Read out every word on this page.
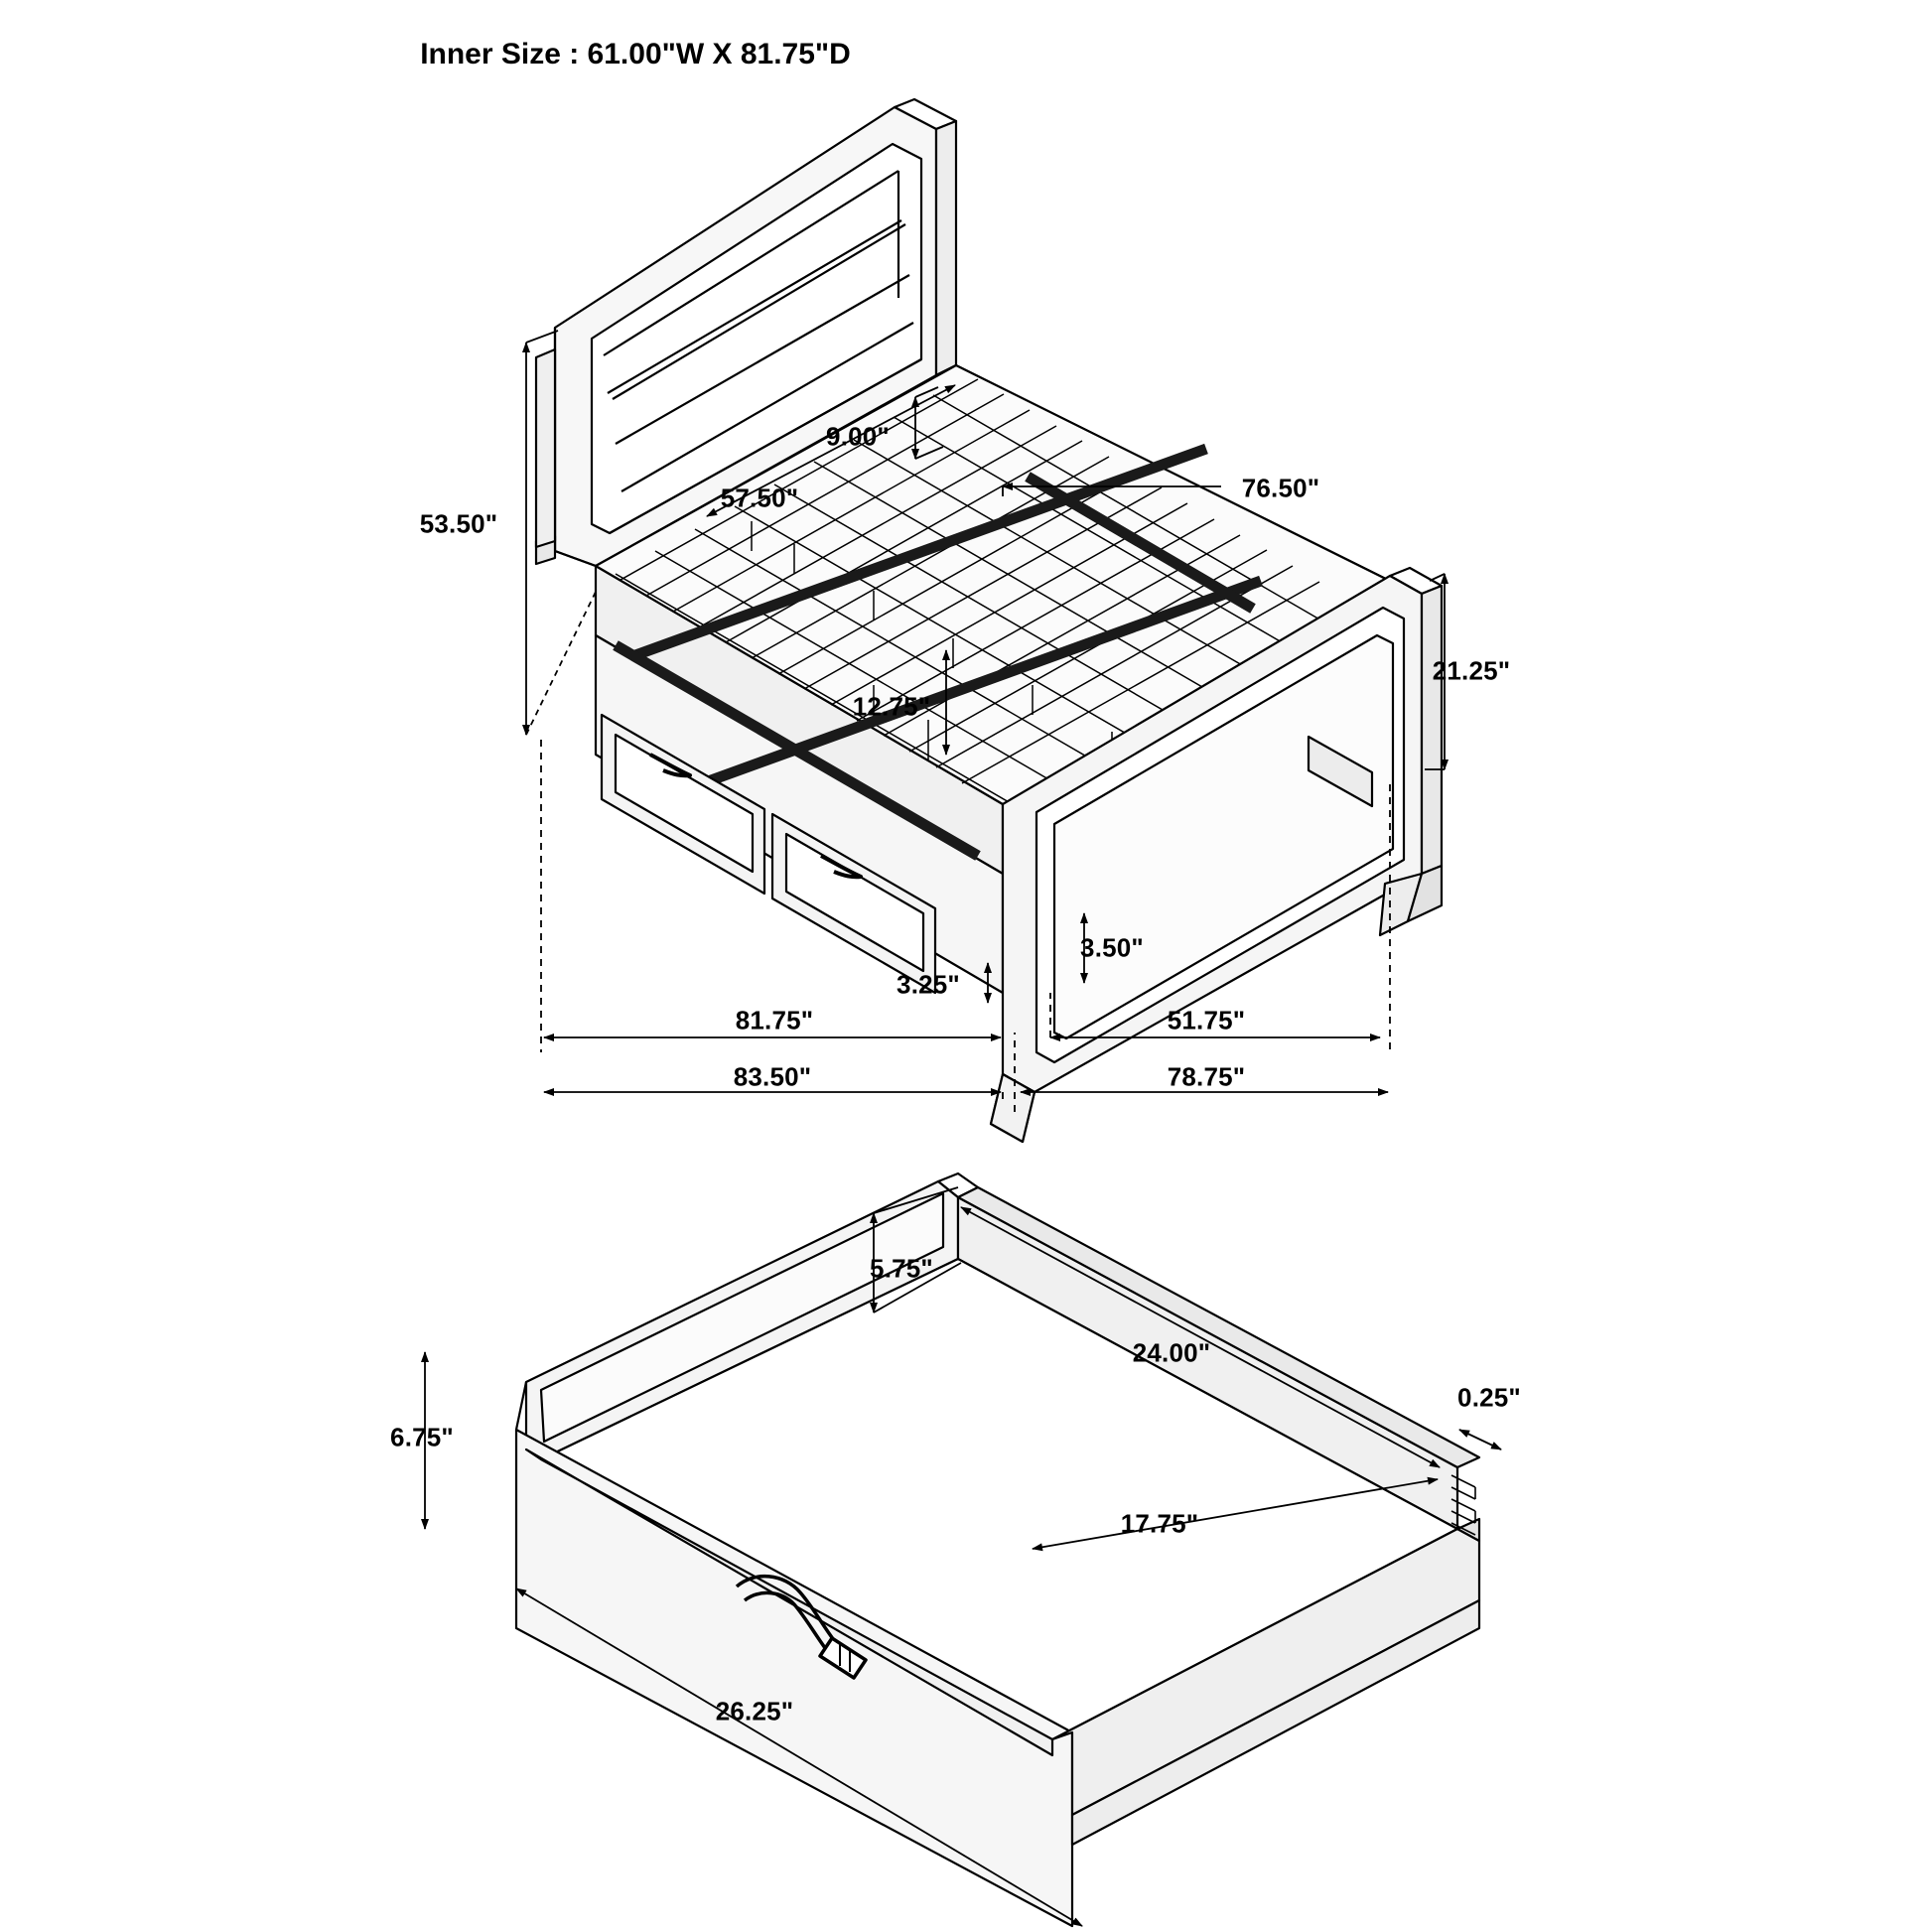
Inner Size : 61.00"W X 81.75"D
53.50"
9.00"
57.50"	76.50"
12.75"
21.25"
3.50"
3.25"
81.75"
83.50"
51.75"
78.75"
5.75"
6.75"
24.00"
0.25"
17.75"
26.25"
